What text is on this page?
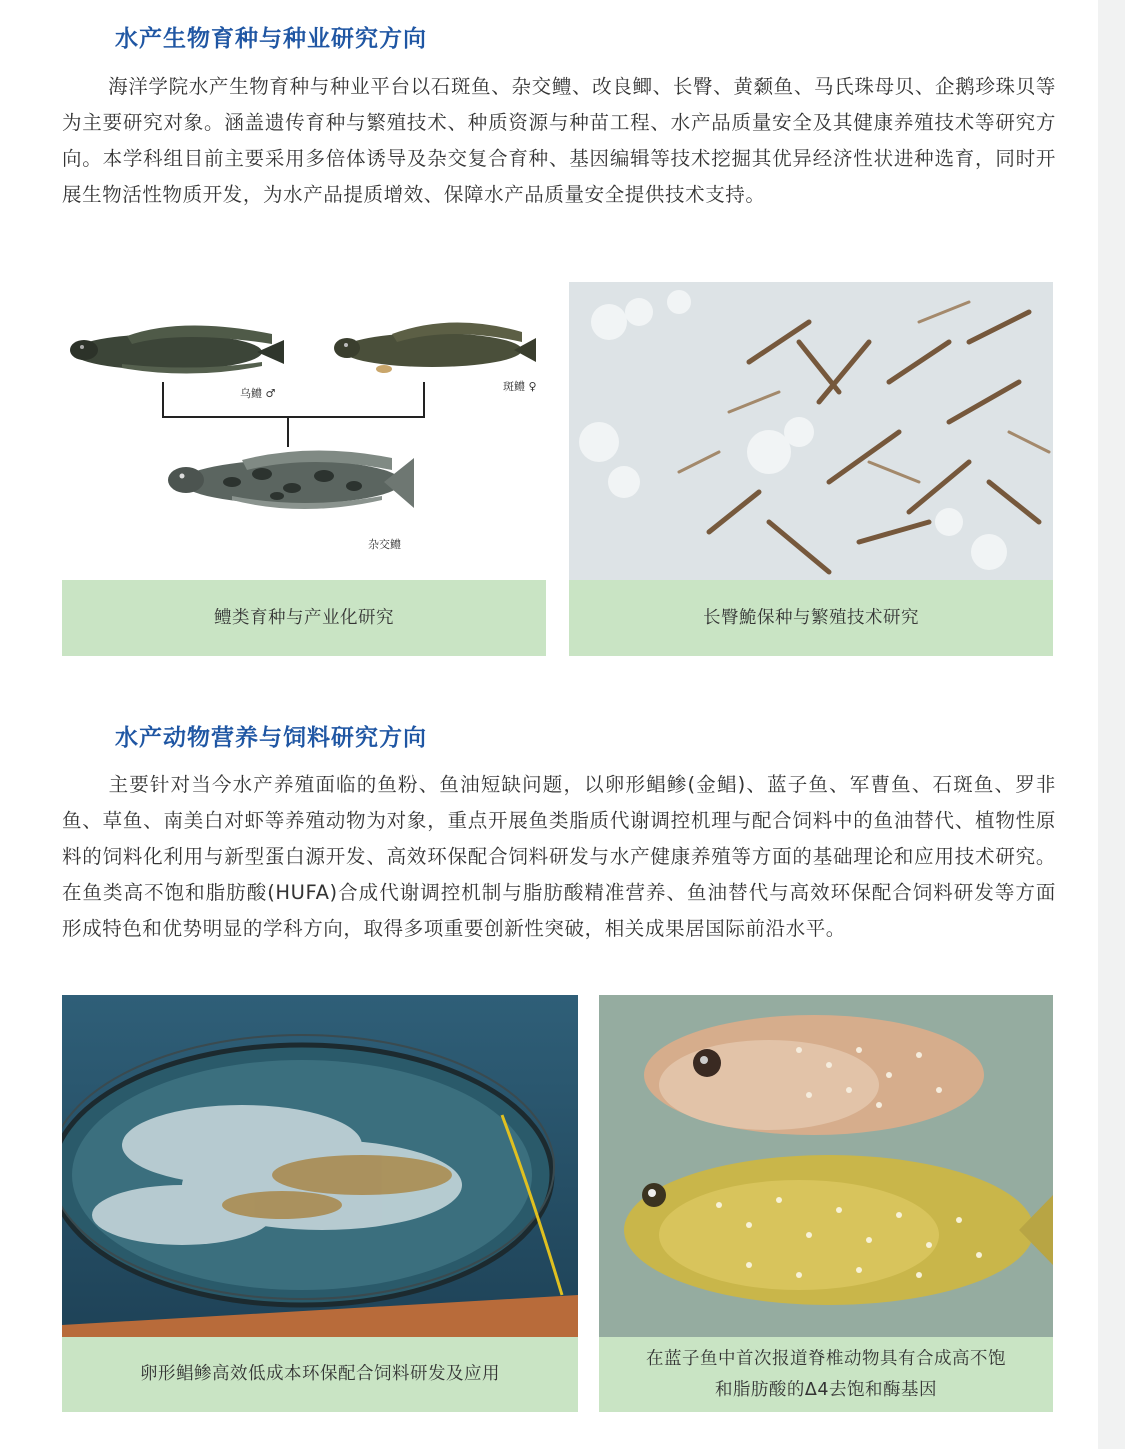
水产生物育种与种业研究方向
海洋学院水产生物育种与种业平台以石斑鱼、杂交鳢、改良鲫、长臀、黄颡鱼、马氏珠母贝、企鹅珍珠贝等为主要研究对象。涵盖遗传育种与繁殖技术、种质资源与种苗工程、水产品质量安全及其健康养殖技术等研究方向。本学科组目前主要采用多倍体诱导及杂交复合育种、基因编辑等技术挖掘其优异经济性状进种选育，同时开展生物活性物质开发，为水产品提质增效、保障水产品质量安全提供技术支持。
乌鳢 ♂
斑鳢 ♀
杂交鳢
鳢类育种与产业化研究	长臀鮠保种与繁殖技术研究
水产动物营养与饲料研究方向
主要针对当今水产养殖面临的鱼粉、鱼油短缺问题，以卵形鲳鲹(金鲳)、蓝子鱼、军曹鱼、石斑鱼、罗非鱼、草鱼、南美白对虾等养殖动物为对象，重点开展鱼类脂质代谢调控机理与配合饲料中的鱼油替代、植物性原料的饲料化利用与新型蛋白源开发、高效环保配合饲料研发与水产健康养殖等方面的基础理论和应用技术研究。在鱼类高不饱和脂肪酸(HUFA)合成代谢调控机制与脂肪酸精准营养、鱼油替代与高效环保配合饲料研发等方面形成特色和优势明显的学科方向，取得多项重要创新性突破，相关成果居国际前沿水平。
卵形鲳鲹高效低成本环保配合饲料研发及应用
在蓝子鱼中首次报道脊椎动物具有合成高不饱
和脂肪酸的Δ4去饱和酶基因
